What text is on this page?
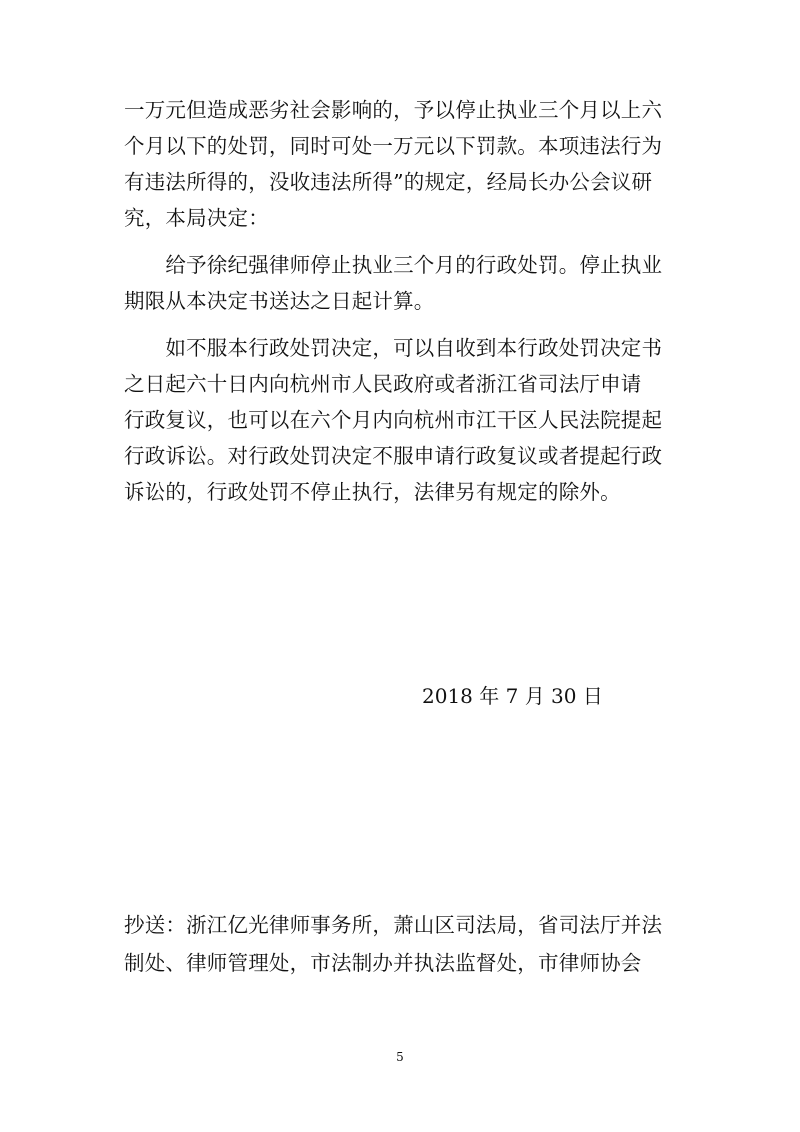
一万元但造成恶劣社会影响的，予以停止执业三个月以上六
个月以下的处罚，同时可处一万元以下罚款。本项违法行为
有违法所得的，没收违法所得”的规定，经局长办公会议研
究，本局决定：
　　给予徐纪强律师停止执业三个月的行政处罚。停止执业
期限从本决定书送达之日起计算。
　　如不服本行政处罚决定，可以自收到本行政处罚决定书
之日起六十日内向杭州市人民政府或者浙江省司法厅申请
行政复议，也可以在六个月内向杭州市江干区人民法院提起
行政诉讼。对行政处罚决定不服申请行政复议或者提起行政
诉讼的，行政处罚不停止执行，法律另有规定的除外。
2018 年 7 月 30 日
抄送：浙江亿光律师事务所，萧山区司法局，省司法厅并法
制处、律师管理处，市法制办并执法监督处，市律师协会
5
